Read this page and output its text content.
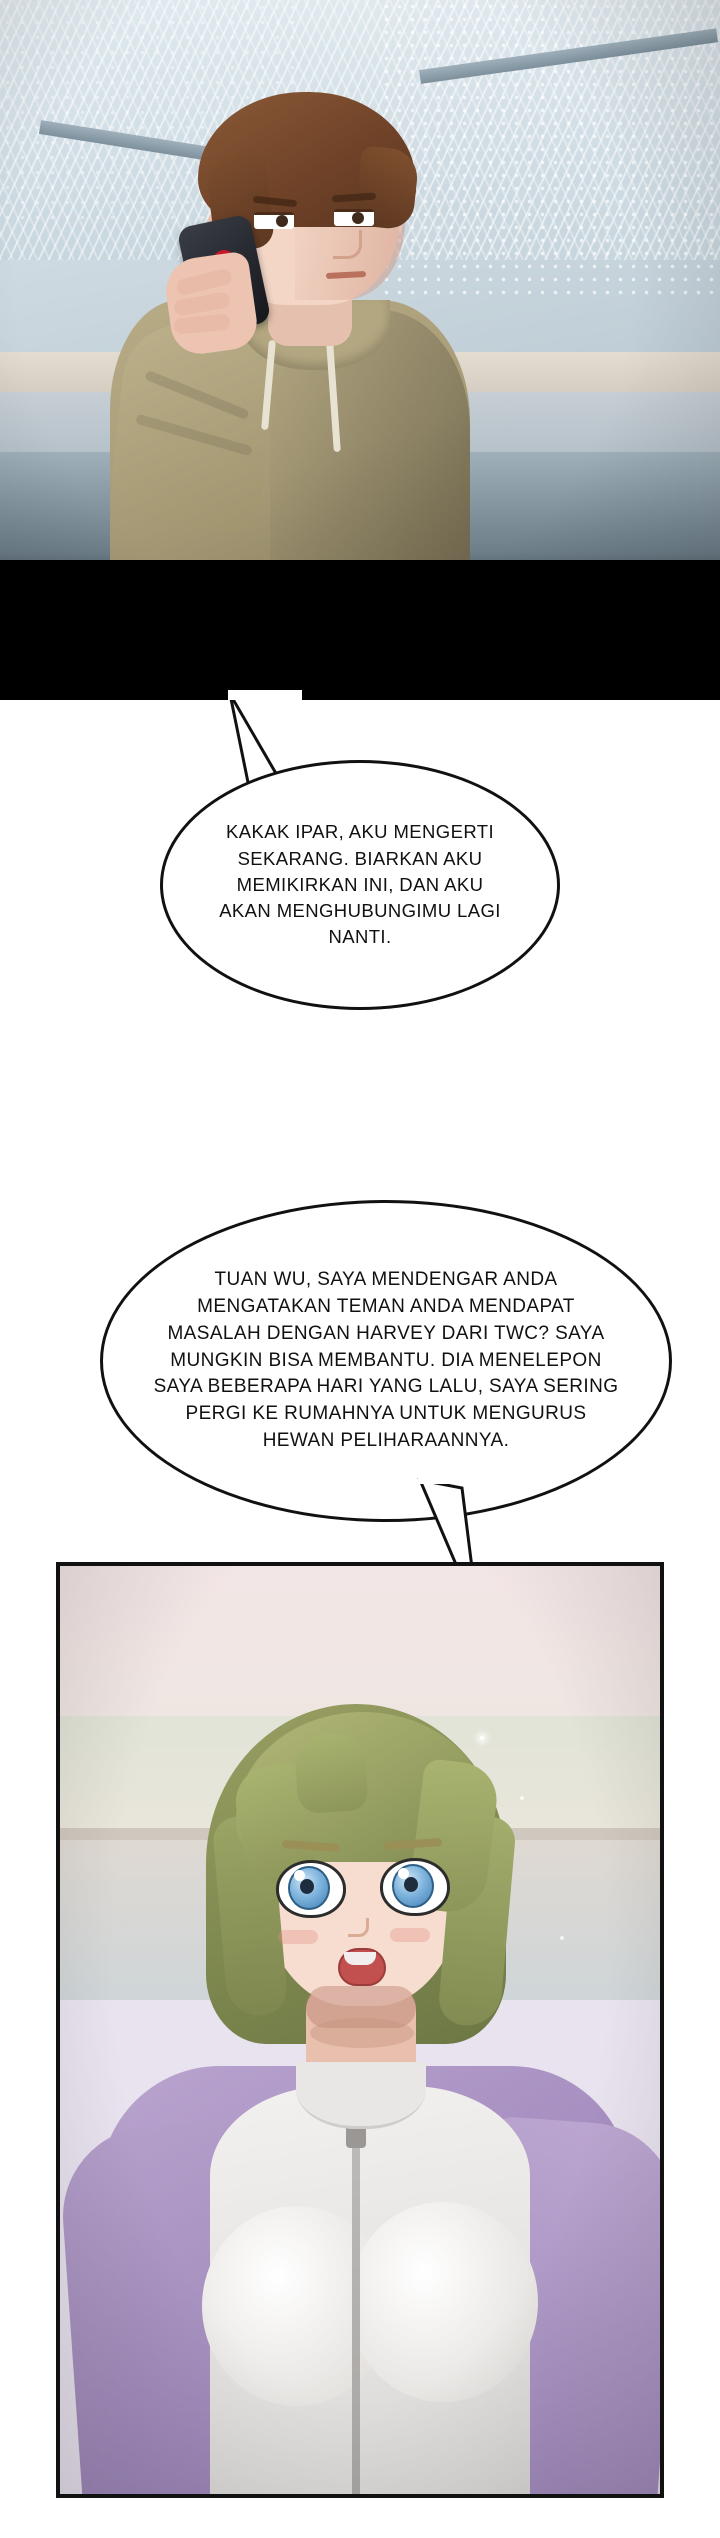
KAKAK IPAR, AKU MENGERTI SEKARANG. BIARKAN AKU MEMIKIRKAN INI, DAN AKU AKAN MENGHUBUNGIMU LAGI NANTI.
TUAN WU, SAYA MENDENGAR ANDA MENGATAKAN TEMAN ANDA MENDAPAT MASALAH DENGAN HARVEY DARI TWC? SAYA MUNGKIN BISA MEMBANTU. DIA MENELEPON SAYA BEBERAPA HARI YANG LALU, SAYA SERING PERGI KE RUMAHNYA UNTUK MENGURUS HEWAN PELIHARAANNYA.
